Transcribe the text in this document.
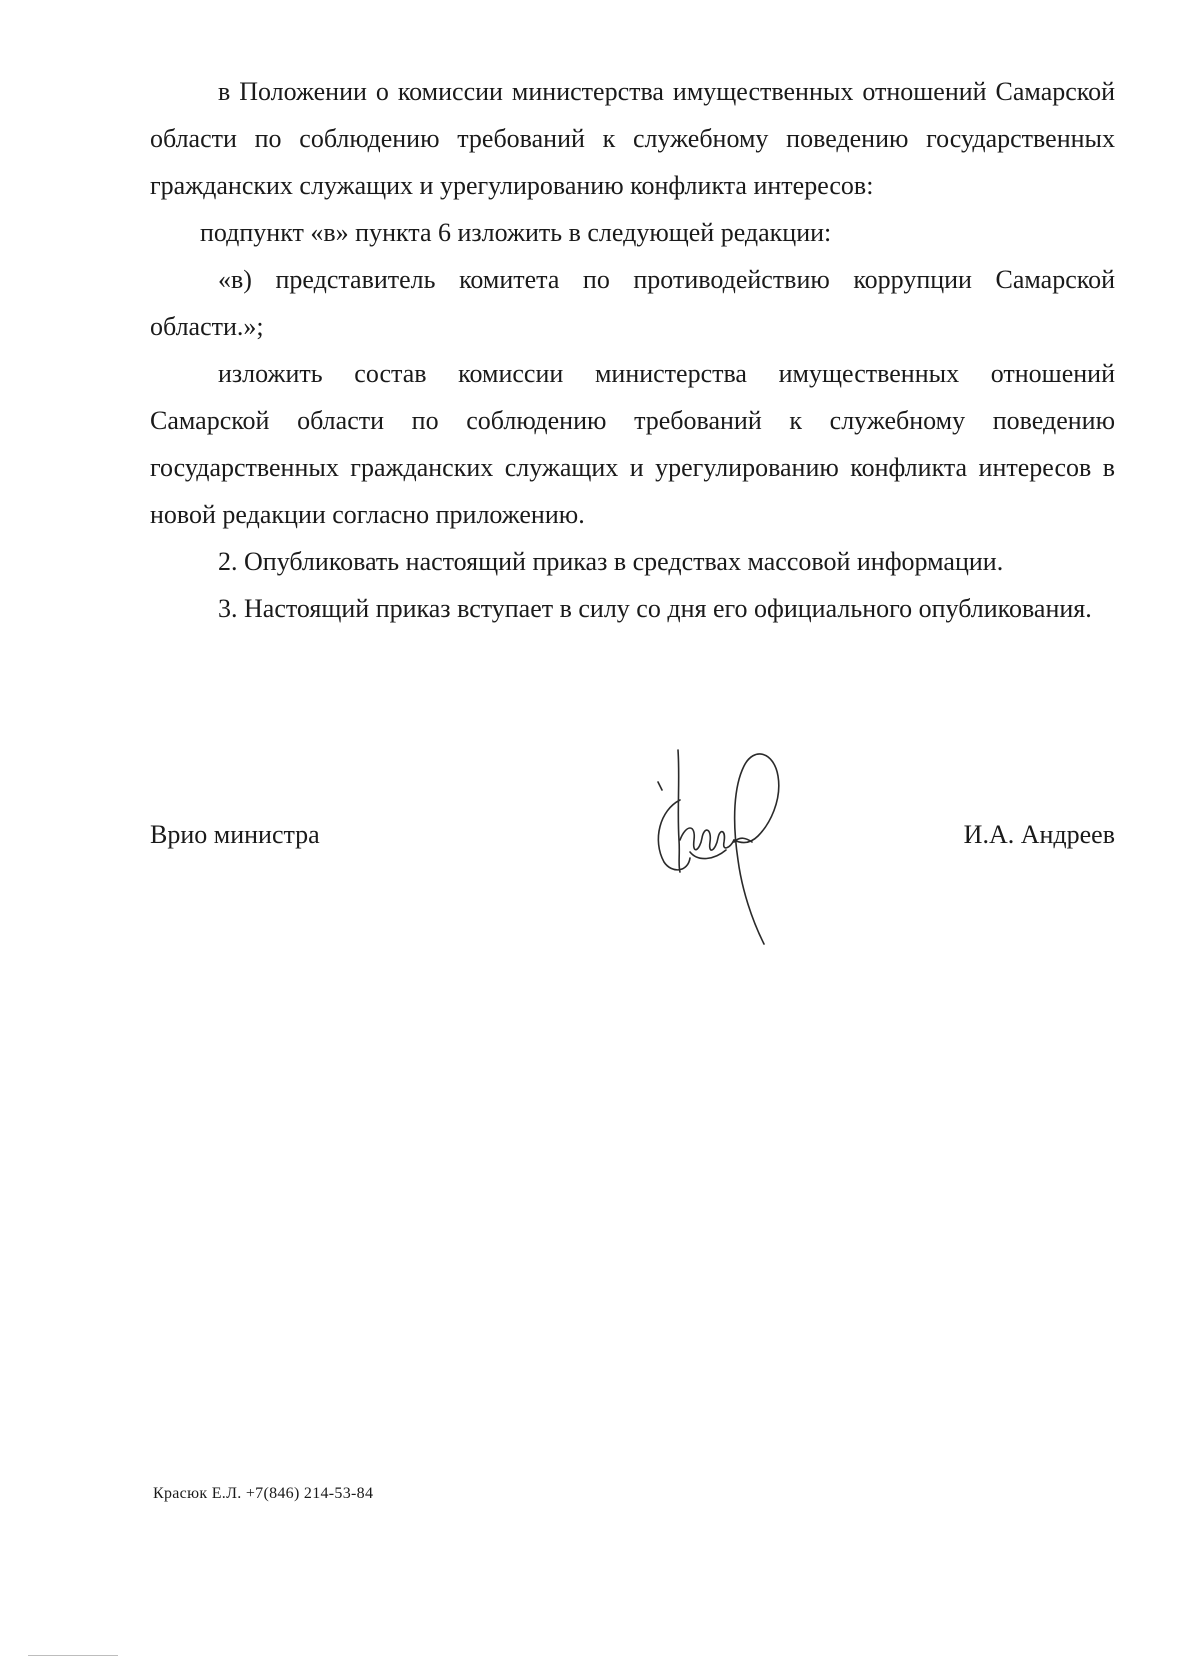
в Положении о комиссии министерства имущественных отношений Самарской области по соблюдению требований к служебному поведению государственных гражданских служащих и урегулированию конфликта интересов:

подпункт «в» пункта 6 изложить в следующей редакции:

«в) представитель комитета по противодействию коррупции Самарской области.»;

изложить состав комиссии министерства имущественных отношений Самарской области по соблюдению требований к служебному поведению государственных гражданских служащих и урегулированию конфликта интересов в новой редакции согласно приложению.

2. Опубликовать настоящий приказ в средствах массовой информации.

3. Настоящий приказ вступает в силу со дня его официального опубликования.

Врио министра	И.А. Андреев
Красюк Е.Л. +7(846) 214-53-84
